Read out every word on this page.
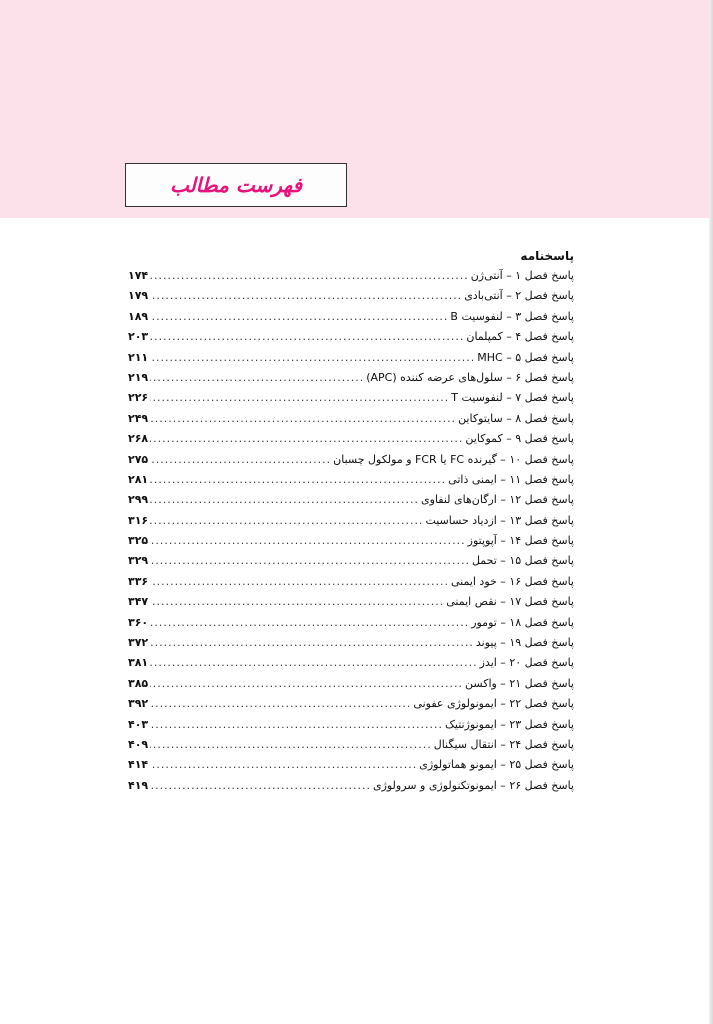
فهرست مطالب
پاسخنامه
پاسخ فصل ۱ – آنتی‌ژن
.....
۱۷۴
پاسخ فصل ۲ – آنتی‌بادی
.....
۱۷۹
پاسخ فصل ۳ – لنفوسیت B
.....
۱۸۹
پاسخ فصل ۴ – کمپلمان
.....
۲۰۳
پاسخ فصل ۵ – MHC
.....
۲۱۱
پاسخ فصل ۶ – سلول‌های عرضه کننده (APC)
.....
۲۱۹
پاسخ فصل ۷ – لنفوسیت T
.....
۲۲۶
پاسخ فصل ۸ – سایتوکاین
.....
۲۴۹
پاسخ فصل ۹ – کموکاین
.....
۲۶۸
پاسخ فصل ۱۰ – گیرنده FC یا FCR و مولکول چسبان
.....
۲۷۵
پاسخ فصل ۱۱ – ایمنی ذاتی
.....
۲۸۱
پاسخ فصل ۱۲ – ارگان‌های لنفاوی
.....
۲۹۹
پاسخ فصل ۱۳ – ازدیاد حساسیت
.....
۳۱۶
پاسخ فصل ۱۴ – آپوپتوز
.....
۳۲۵
پاسخ فصل ۱۵ – تحمل
.....
۳۲۹
پاسخ فصل ۱۶ – خود ایمنی
.....
۳۳۶
پاسخ فصل ۱۷ – نقص ایمنی
.....
۳۴۷
پاسخ فصل ۱۸ – تومور
.....
۳۶۰
پاسخ فصل ۱۹ – پیوند
.....
۳۷۲
پاسخ فصل ۲۰ – ایدز
.....
۳۸۱
پاسخ فصل ۲۱ – واکسن
.....
۳۸۵
پاسخ فصل ۲۲ – ایمونولوژی عفونی
.....
۳۹۲
پاسخ فصل ۲۳ – ایمونوژنتیک
.....
۴۰۳
پاسخ فصل ۲۴ – انتقال سیگنال
.....
۴۰۹
پاسخ فصل ۲۵ – ایمونو هماتولوژی
.....
۴۱۴
پاسخ فصل ۲۶ – ایمونوتکنولوژی و سرولوژی
.....
۴۱۹
